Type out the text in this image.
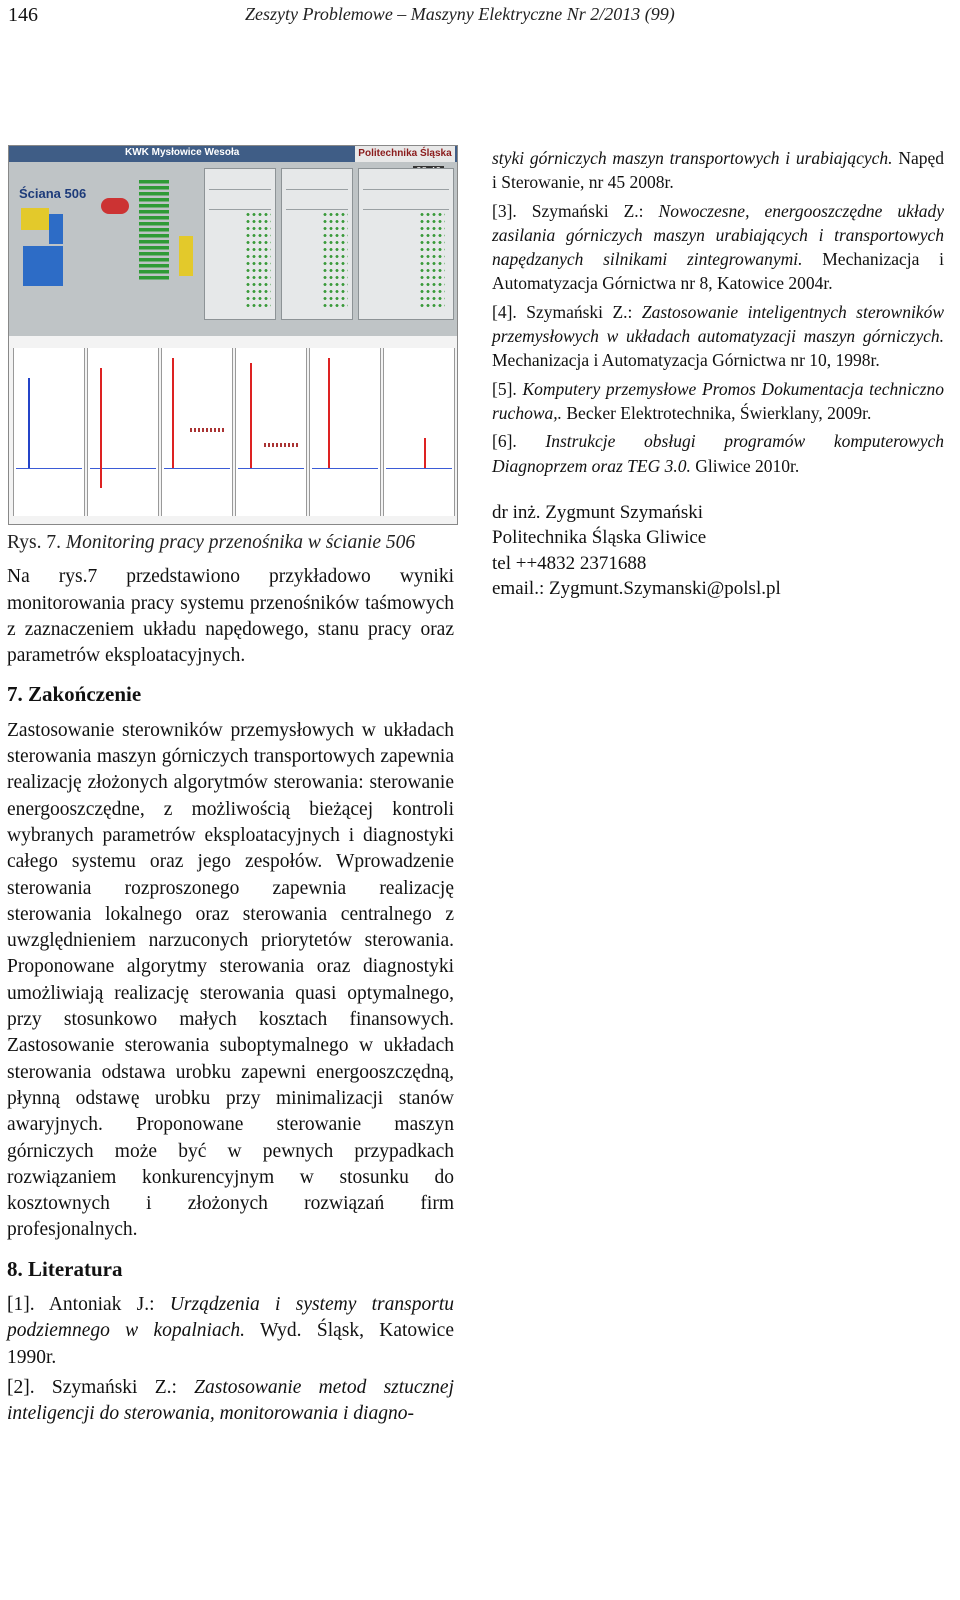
146	Zeszyty Problemowe – Maszyny Elektryczne Nr 2/2013 (99)
KWK Mysłowice Wesoła	Politechnika Śląska
Ściana 506

Rys. 7. Monitoring pracy przenośnika w ścianie 506

Na rys.7 przedstawiono przykładowo wyniki monitorowania pracy systemu przenośników taśmowych z zaznaczeniem układu napędowego, stanu pracy oraz parametrów eksploatacyjnych.

7. Zakończenie

Zastosowanie sterowników przemysłowych w układach sterowania maszyn górniczych transportowych zapewnia realizację złożonych algorytmów sterowania: sterowanie energooszczędne, z możliwością bieżącej kontroli wybranych parametrów eksploatacyjnych i diagnostyki całego systemu oraz jego zespołów. Wprowadzenie sterowania rozproszonego zapewnia realizację sterowania lokalnego oraz sterowania centralnego z uwzględnieniem narzuconych priorytetów sterowania. Proponowane algorytmy sterowania oraz diagnostyki umożliwiają realizację sterowania quasi optymalnego, przy stosunkowo małych kosztach finansowych. Zastosowanie sterowania suboptymalnego w układach sterowania odstawa urobku zapewni energooszczędną, płynną odstawę urobku przy minimalizacji stanów awaryjnych. Proponowane sterowanie maszyn górniczych może być w pewnych przypadkach rozwiązaniem konkurencyjnym w stosunku do kosztownych i złożonych rozwiązań firm profesjonalnych.

8. Literatura

[1]. Antoniak J.: Urządzenia i systemy transportu podziemnego w kopalniach. Wyd. Śląsk, Katowice 1990r.

[2]. Szymański Z.: Zastosowanie metod sztucznej inteligencji do sterowania, monitorowania i diagno-

styki górniczych maszyn transportowych i urabiających. Napęd i Sterowanie, nr 45 2008r.

[3]. Szymański Z.: Nowoczesne, energooszczędne układy zasilania górniczych maszyn urabiających i transportowych napędzanych silnikami zintegrowanymi. Mechanizacja i Automatyzacja Górnictwa nr 8, Katowice 2004r.

[4]. Szymański Z.: Zastosowanie inteligentnych sterowników przemysłowych w układach automatyzacji maszyn górniczych. Mechanizacja i Automatyzacja Górnictwa nr 10, 1998r.

[5]. Komputery przemysłowe Promos Dokumentacja techniczno ruchowa,. Becker Elektrotechnika, Świerklany, 2009r.

[6]. Instrukcje obsługi programów komputerowych Diagnoprzem oraz TEG 3.0. Gliwice 2010r.

dr inż. Zygmunt Szymański
Politechnika Śląska Gliwice
tel ++4832 2371688
email.: Zygmunt.Szymanski@polsl.pl
